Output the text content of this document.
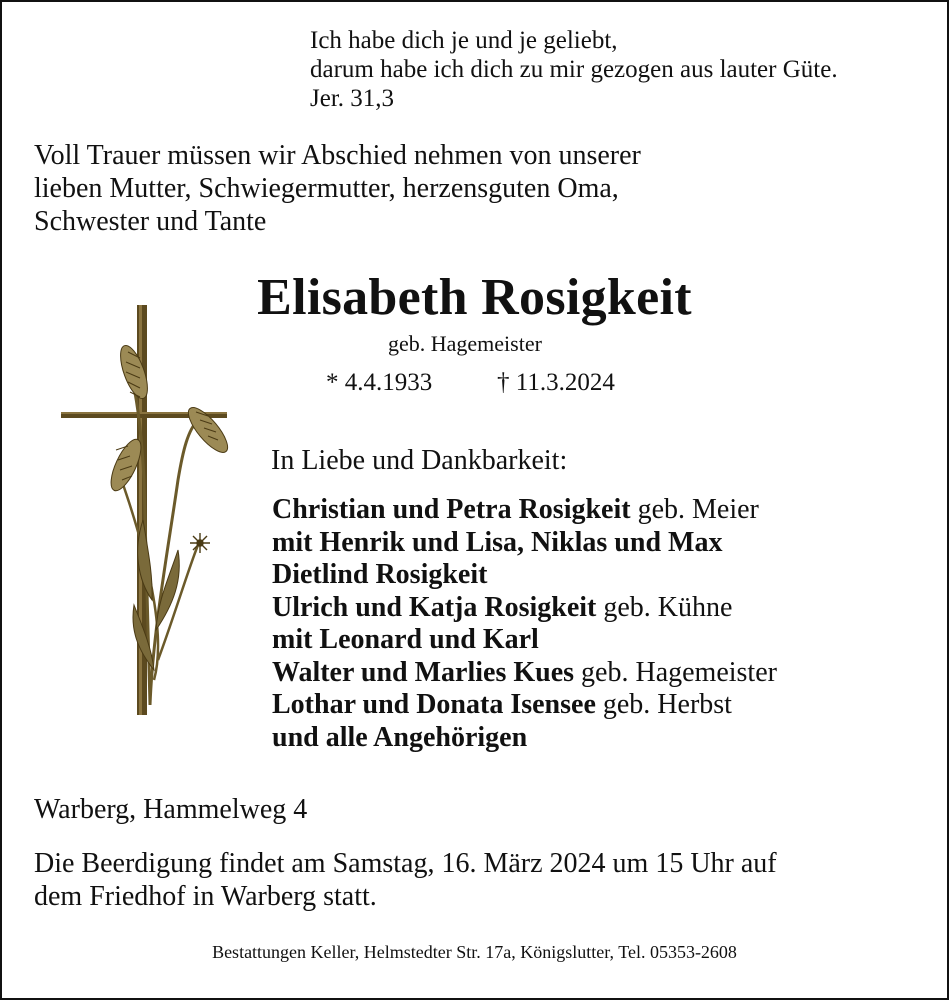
Ich habe dich je und je geliebt,
darum habe ich dich zu mir gezogen aus lauter Güte.
Jer. 31,3
Voll Trauer müssen wir Abschied nehmen von unserer
lieben Mutter, Schwiegermutter, herzensguten Oma,
Schwester und Tante
Elisabeth Rosigkeit
geb. Hagemeister
* 4.4.1933	† 11.3.2024
In Liebe und Dankbarkeit:
Christian und Petra Rosigkeit geb. Meier
mit Henrik und Lisa, Niklas und Max
Dietlind Rosigkeit
Ulrich und Katja Rosigkeit geb. Kühne
mit Leonard und Karl
Walter und Marlies Kues geb. Hagemeister
Lothar und Donata Isensee geb. Herbst
und alle Angehörigen
Warberg, Hammelweg 4
Die Beerdigung findet am Samstag, 16. März 2024 um 15 Uhr auf
dem Friedhof in Warberg statt.
Bestattungen Keller, Helmstedter Str. 17a, Königslutter, Tel. 05353-2608
